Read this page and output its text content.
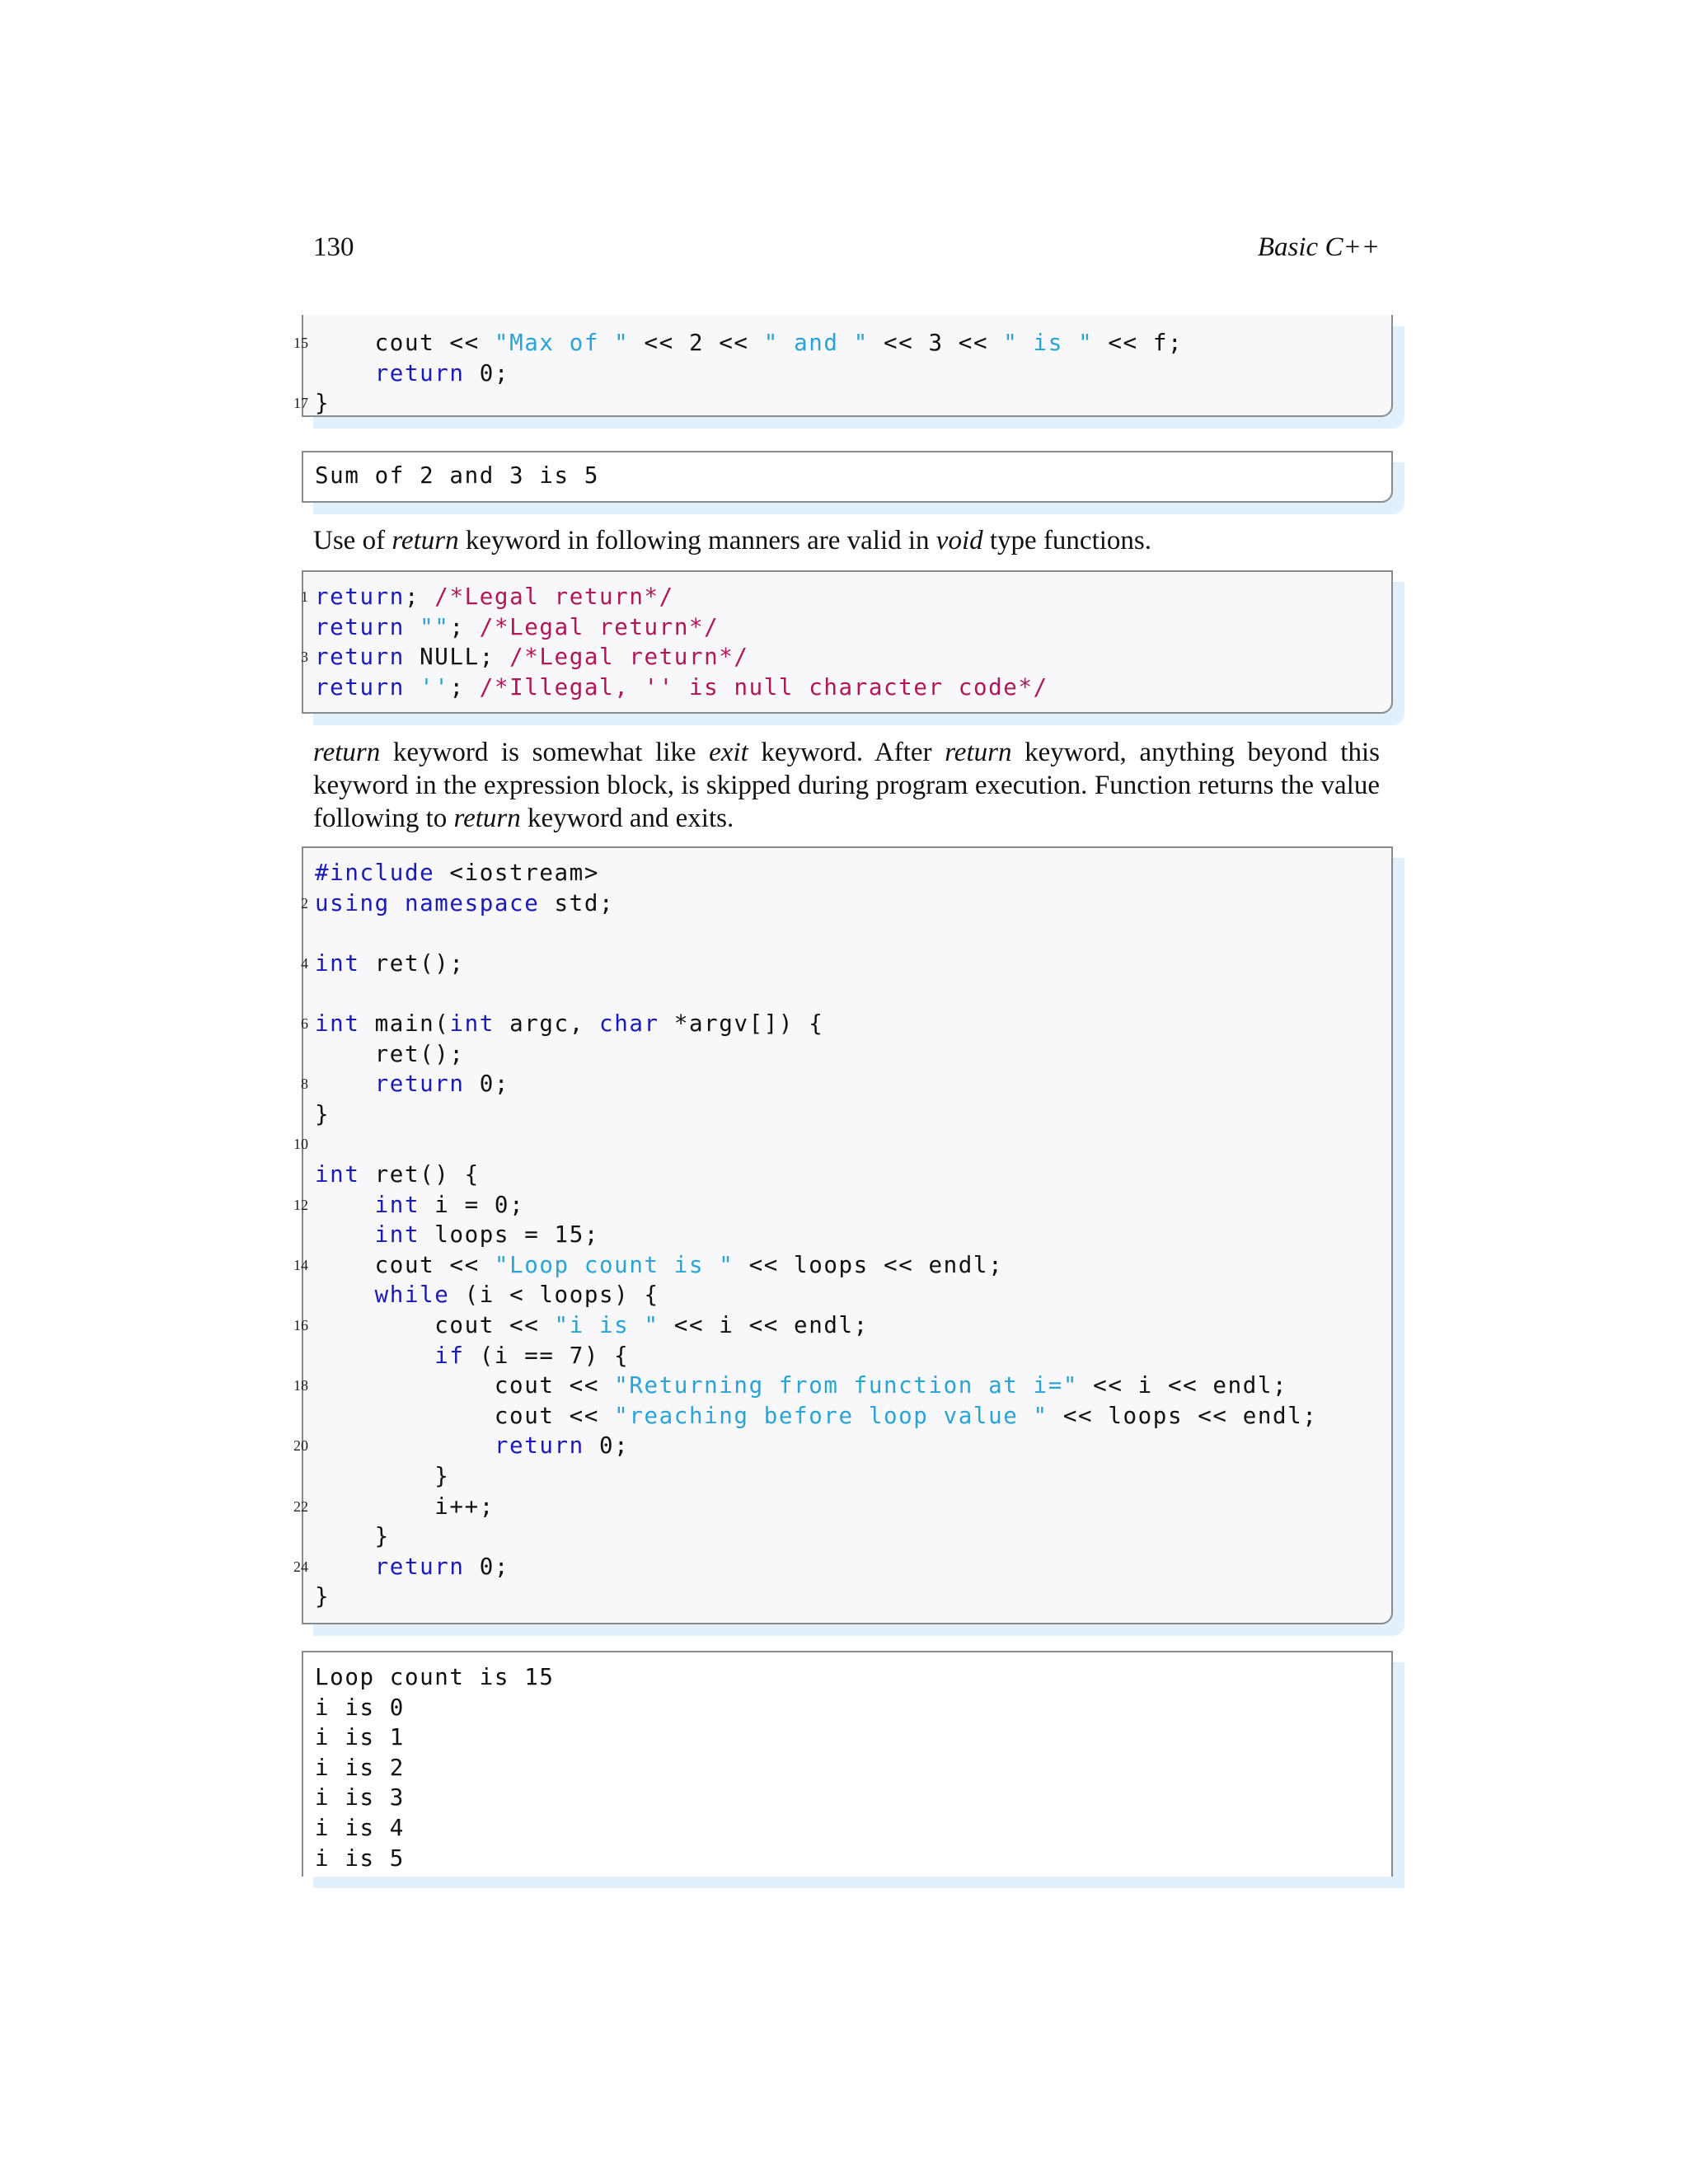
130	Basic C++
15	cout << "Max of " << 2 << " and " << 3 << " is " << f;
return 0;
17 }
Sum of 2 and 3 is 5

Use of return keyword in following manners are valid in void type functions.

1 return; /*Legal return*/
return ""; /*Legal return*/
3 return NULL; /*Legal return*/
return ''; /*Illegal, '' is null character code*/

return keyword is somewhat like exit keyword. After return keyword, anything beyond this keyword in the expression block, is skipped during program execution. Function returns the value following to return keyword and exits.

#include <iostream>
2 using namespace std;
4 int ret();
6 int main(int argc, char *argv[]) {
ret();
8	return 0;
}
10
int ret() {
12	int i = 0;
int loops = 15;
14	cout << "Loop count is " << loops << endl;
while (i < loops) {
16	cout << "i is " << i << endl;
if (i == 7) {
18	cout << "Returning from function at i=" << i << endl;
cout << "reaching before loop value " << loops << endl;
20	return 0;
}
22	i++;
}
24	return 0;
}
Loop count is 15
i is 0
i is 1
i is 2
i is 3
i is 4
i is 5
